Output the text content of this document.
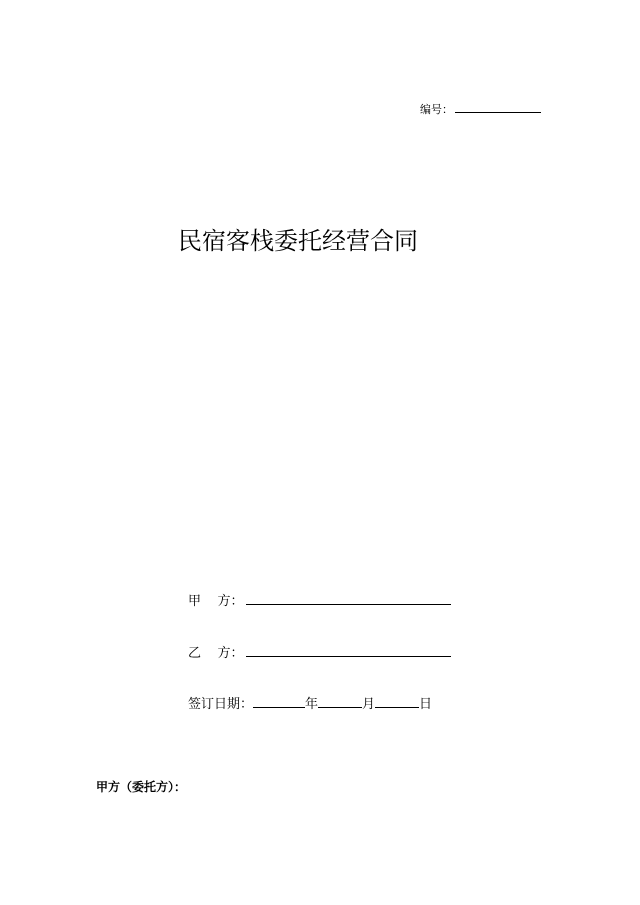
编号：
民宿客栈委托经营合同
甲    方：
乙    方：
签订日期：	年	月	日
甲方（委托方）：
